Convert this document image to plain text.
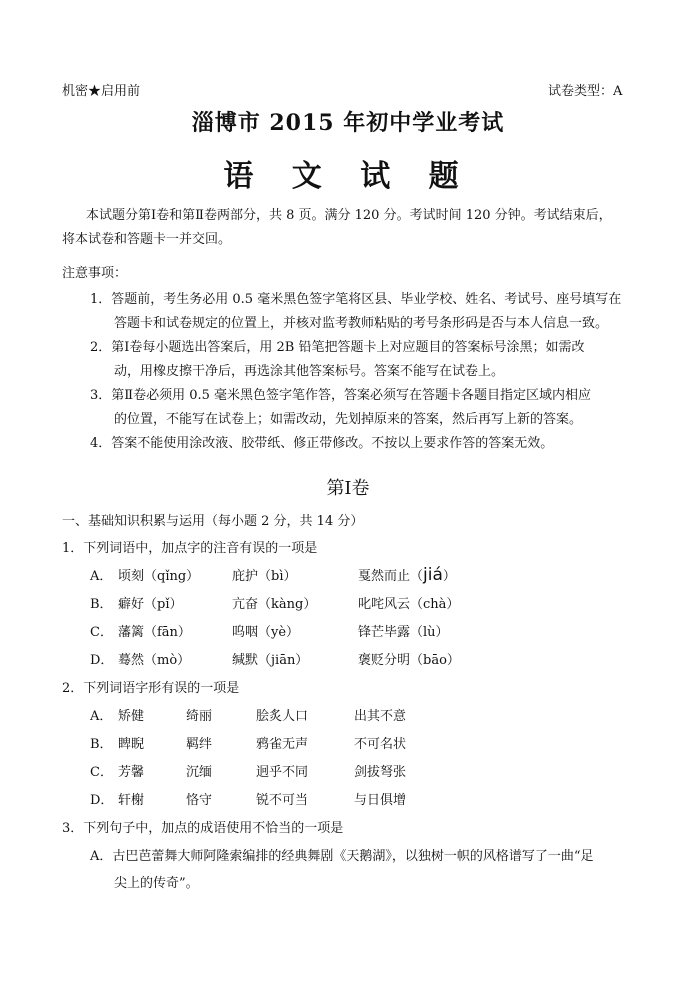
机密★启用前	试卷类型：A
淄博市 2015 年初中学业考试
语 文 试 题
本试题分第Ⅰ卷和第Ⅱ卷两部分，共 8 页。满分 120 分。考试时间 120 分钟。考试结束后，
将本试卷和答题卡一并交回。
注意事项：
1．答题前，考生务必用 0.5 毫米黑色签字笔将区县、毕业学校、姓名、考试号、座号填写在
答题卡和试卷规定的位置上，并核对监考教师粘贴的考号条形码是否与本人信息一致。
2．第Ⅰ卷每小题选出答案后，用 2B 铅笔把答题卡上对应题目的答案标号涂黑；如需改
动，用橡皮擦干净后，再选涂其他答案标号。答案不能写在试卷上。
3．第Ⅱ卷必须用 0.5 毫米黑色签字笔作答，答案必须写在答题卡各题目指定区域内相应
的位置，不能写在试卷上；如需改动，先划掉原来的答案，然后再写上新的答案。
4．答案不能使用涂改液、胶带纸、修正带修改。不按以上要求作答的答案无效。
第Ⅰ卷
一、基础知识积累与运用（每小题 2 分，共 14 分）
1．下列词语中，加点字的注音有误的一项是
A． 顷刻（qǐng）	庇护（bì）	戛然而止（jiá）
B． 癖好（pǐ）	亢奋（kàng）	叱咤风云（chà）
C． 藩篱（fān）	呜咽（yè）	锋芒毕露（lù）
D． 蓦然（mò）	缄默（jiān）	褒贬分明（bāo）
2．下列词语字形有误的一项是
A． 矫健	绮丽	脍炙人口	出其不意
B． 睥睨	羁绊	鸦雀无声	不可名状
C． 芳馨	沉缅	迥乎不同	剑拔弩张
D． 轩榭	恪守	锐不可当	与日俱增
3．下列句子中，加点的成语使用不恰当的一项是
A．古巴芭蕾舞大师阿隆索编排的经典舞剧《天鹅湖》，以独树一帜的风格谱写了一曲“足
尖上的传奇”。
